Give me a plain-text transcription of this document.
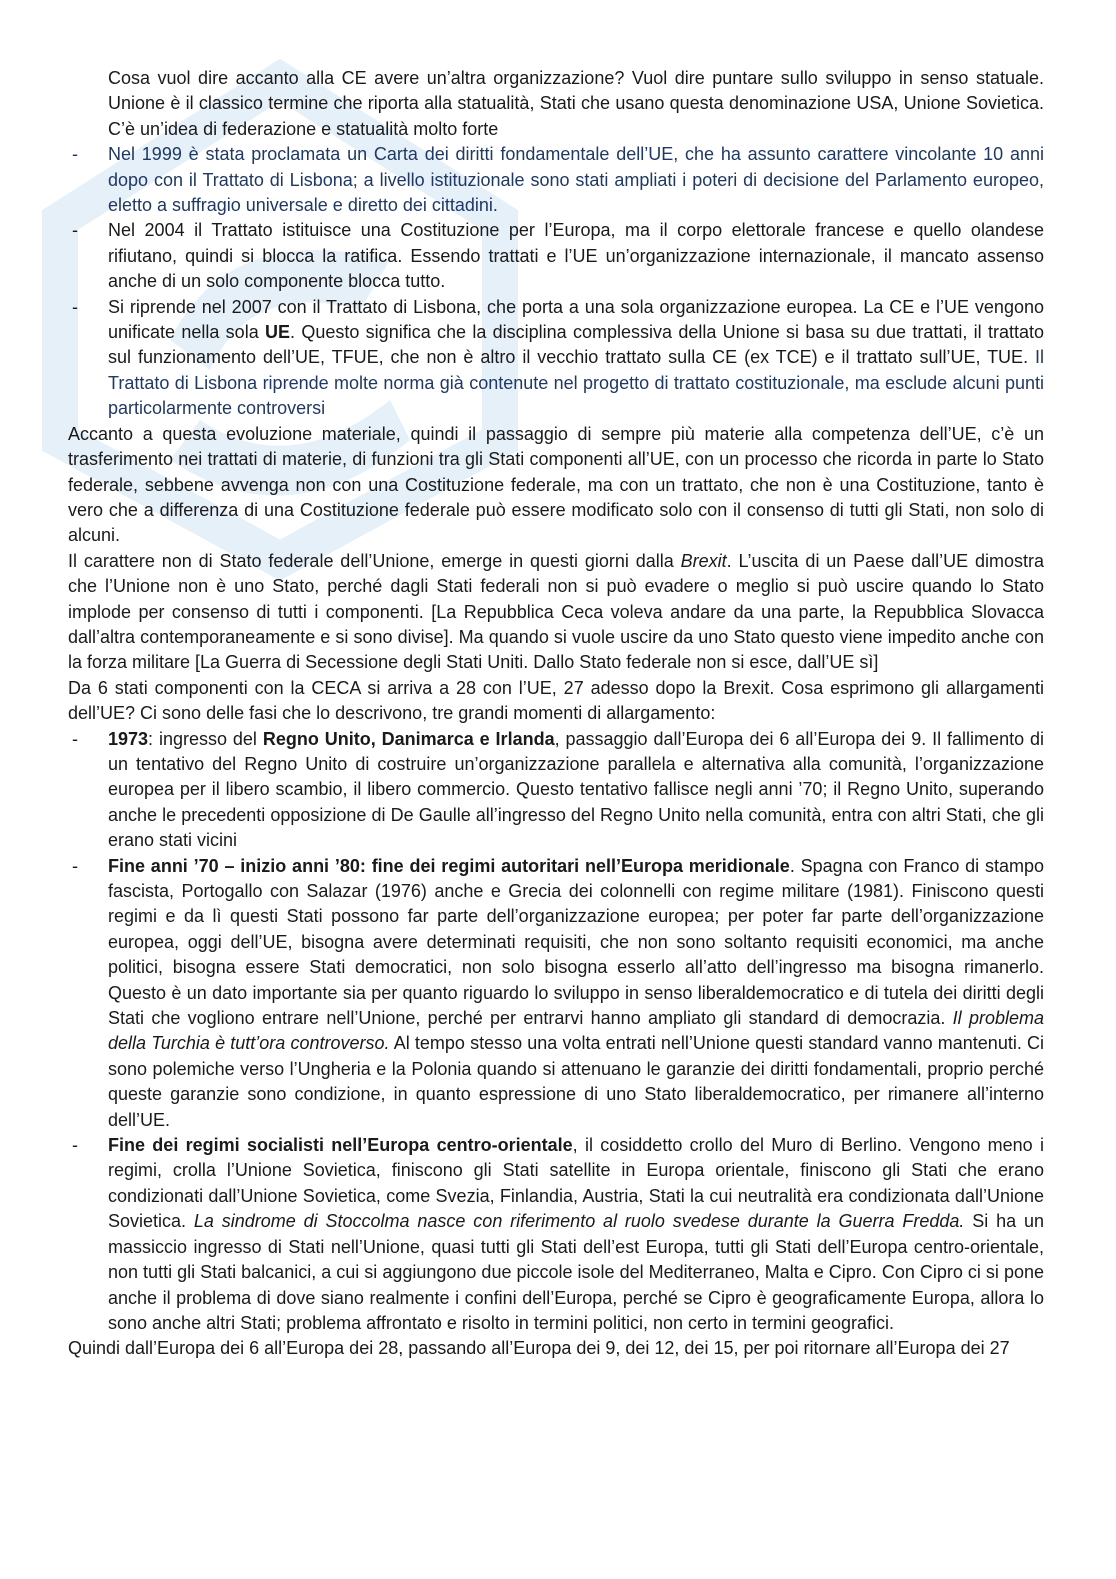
Cosa vuol dire accanto alla CE avere un’altra organizzazione? Vuol dire puntare sullo sviluppo in senso statuale. Unione è il classico termine che riporta alla statualità, Stati che usano questa denominazione USA, Unione Sovietica. C’è un’idea di federazione e statualità molto forte

- Nel 1999 è stata proclamata un Carta dei diritti fondamentale dell’UE, che ha assunto carattere vincolante 10 anni dopo con il Trattato di Lisbona; a livello istituzionale sono stati ampliati i poteri di decisione del Parlamento europeo, eletto a suffragio universale e diretto dei cittadini.

- Nel 2004 il Trattato istituisce una Costituzione per l’Europa, ma il corpo elettorale francese e quello olandese rifiutano, quindi si blocca la ratifica. Essendo trattati e l’UE un’organizzazione internazionale, il mancato assenso anche di un solo componente blocca tutto.

- Si riprende nel 2007 con il Trattato di Lisbona, che porta a una sola organizzazione europea. La CE e l’UE vengono unificate nella sola UE. Questo significa che la disciplina complessiva della Unione si basa su due trattati, il trattato sul funzionamento dell’UE, TFUE, che non è altro il vecchio trattato sulla CE (ex TCE) e il trattato sull’UE, TUE. Il Trattato di Lisbona riprende molte norma già contenute nel progetto di trattato costituzionale, ma esclude alcuni punti particolarmente controversi

Accanto a questa evoluzione materiale, quindi il passaggio di sempre più materie alla competenza dell’UE, c’è un trasferimento nei trattati di materie, di funzioni tra gli Stati componenti all’UE, con un processo che ricorda in parte lo Stato federale, sebbene avvenga non con una Costituzione federale, ma con un trattato, che non è una Costituzione, tanto è vero che a differenza di una Costituzione federale può essere modificato solo con il consenso di tutti gli Stati, non solo di alcuni.

Il carattere non di Stato federale dell’Unione, emerge in questi giorni dalla Brexit. L’uscita di un Paese dall’UE dimostra che l’Unione non è uno Stato, perché dagli Stati federali non si può evadere o meglio si può uscire quando lo Stato implode per consenso di tutti i componenti. [La Repubblica Ceca voleva andare da una parte, la Repubblica Slovacca dall’altra contemporaneamente e si sono divise]. Ma quando si vuole uscire da uno Stato questo viene impedito anche con la forza militare [La Guerra di Secessione degli Stati Uniti. Dallo Stato federale non si esce, dall’UE sì]

Da 6 stati componenti con la CECA si arriva a 28 con l’UE, 27 adesso dopo la Brexit. Cosa esprimono gli allargamenti dell’UE? Ci sono delle fasi che lo descrivono, tre grandi momenti di allargamento:

- 1973: ingresso del Regno Unito, Danimarca e Irlanda, passaggio dall’Europa dei 6 all’Europa dei 9. Il fallimento di un tentativo del Regno Unito di costruire un’organizzazione parallela e alternativa alla comunità, l’organizzazione europea per il libero scambio, il libero commercio. Questo tentativo fallisce negli anni ’70; il Regno Unito, superando anche le precedenti opposizione di De Gaulle all’ingresso del Regno Unito nella comunità, entra con altri Stati, che gli erano stati vicini

- Fine anni ’70 – inizio anni ’80: fine dei regimi autoritari nell’Europa meridionale. Spagna con Franco di stampo fascista, Portogallo con Salazar (1976) anche e Grecia dei colonnelli con regime militare (1981). Finiscono questi regimi e da lì questi Stati possono far parte dell’organizzazione europea; per poter far parte dell’organizzazione europea, oggi dell’UE, bisogna avere determinati requisiti, che non sono soltanto requisiti economici, ma anche politici, bisogna essere Stati democratici, non solo bisogna esserlo all’atto dell’ingresso ma bisogna rimanerlo. Questo è un dato importante sia per quanto riguardo lo sviluppo in senso liberaldemocratico e di tutela dei diritti degli Stati che vogliono entrare nell’Unione, perché per entrarvi hanno ampliato gli standard di democrazia. Il problema della Turchia è tutt’ora controverso. Al tempo stesso una volta entrati nell’Unione questi standard vanno mantenuti. Ci sono polemiche verso l’Ungheria e la Polonia quando si attenuano le garanzie dei diritti fondamentali, proprio perché queste garanzie sono condizione, in quanto espressione di uno Stato liberaldemocratico, per rimanere all’interno dell’UE.

- Fine dei regimi socialisti nell’Europa centro-orientale, il cosiddetto crollo del Muro di Berlino. Vengono meno i regimi, crolla l’Unione Sovietica, finiscono gli Stati satellite in Europa orientale, finiscono gli Stati che erano condizionati dall’Unione Sovietica, come Svezia, Finlandia, Austria, Stati la cui neutralità era condizionata dall’Unione Sovietica. La sindrome di Stoccolma nasce con riferimento al ruolo svedese durante la Guerra Fredda. Si ha un massiccio ingresso di Stati nell’Unione, quasi tutti gli Stati dell’est Europa, tutti gli Stati dell’Europa centro-orientale, non tutti gli Stati balcanici, a cui si aggiungono due piccole isole del Mediterraneo, Malta e Cipro. Con Cipro ci si pone anche il problema di dove siano realmente i confini dell’Europa, perché se Cipro è geograficamente Europa, allora lo sono anche altri Stati; problema affrontato e risolto in termini politici, non certo in termini geografici.

Quindi dall’Europa dei 6 all’Europa dei 28, passando all’Europa dei 9, dei 12, dei 15, per poi ritornare all’Europa dei 27
